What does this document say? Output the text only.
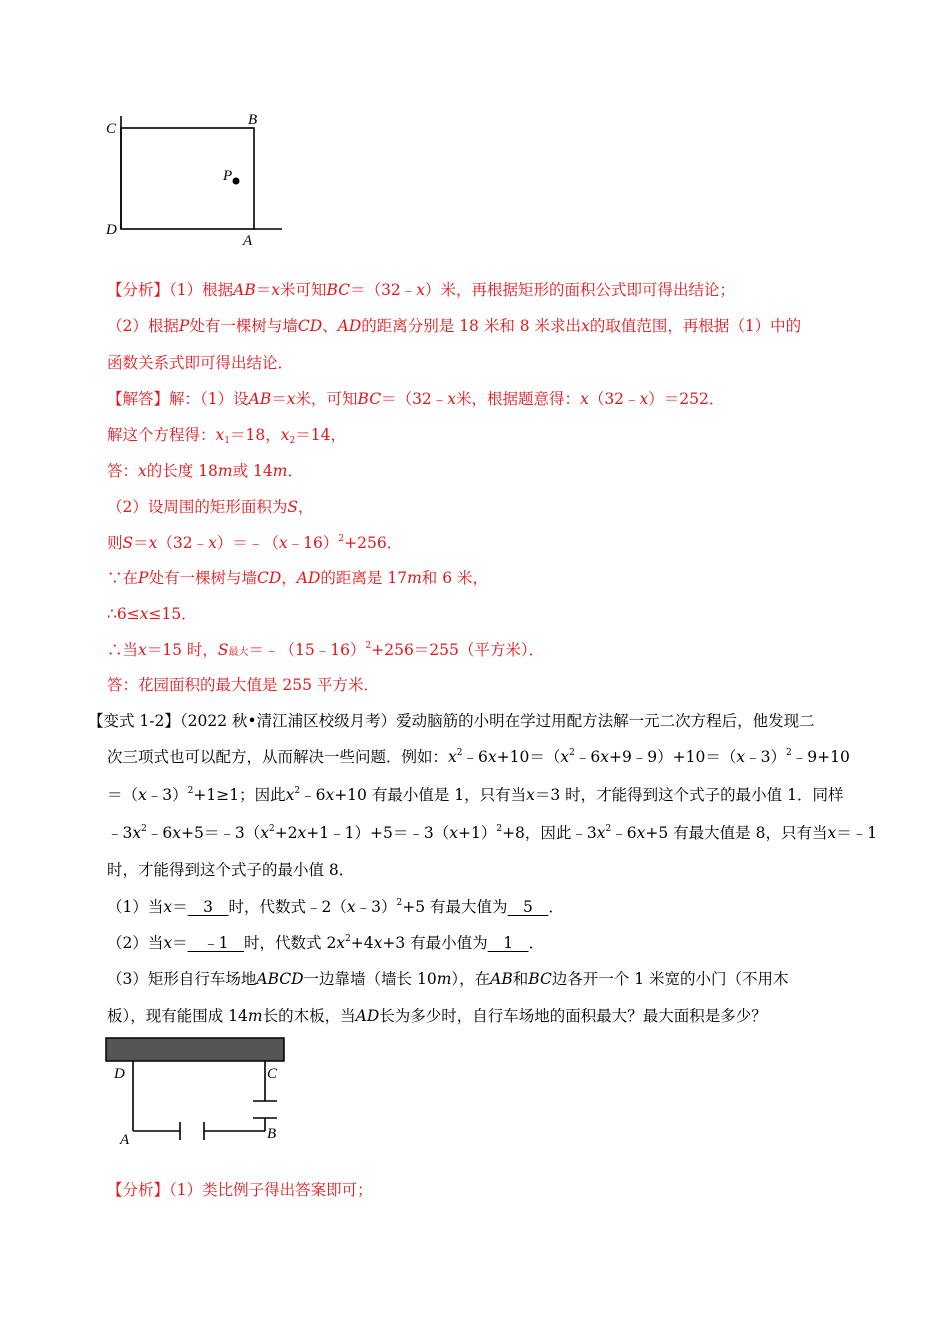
C
B
P
D
A
【分析】（1）根据AB＝x米可知BC＝（32﹣x）米，再根据矩形的面积公式即可得出结论；
（2）根据P处有一棵树与墙CD、AD的距离分别是 18 米和 8 米求出x的取值范围，再根据（1）中的
函数关系式即可得出结论．
【解答】解：（1）设AB＝x米，可知BC＝（32﹣x米，根据题意得：x（32﹣x）＝252．
解这个方程得：$x_1=18$，$x_2=14$，
答：x的长度 18m或 14m．
（2）设周围的矩形面积为S，
则S＝x（32﹣x）＝﹣（x﹣16）$^2$+256．
∵在P处有一棵树与墙CD，AD的距离是 17m和 6 米，
∴6≤x≤15．
∴当x＝15 时，S最大＝﹣（15﹣16）$^2$+256＝255（平方米）．
答：花园面积的最大值是 255 平方米．
【变式 1-2】（2022 秋•清江浦区校级月考）爱动脑筋的小明在学过用配方法解一元二次方程后，他发现二
次三项式也可以配方，从而解决一些问题．例如：$x^2﹣6x+10=(x^2﹣6x+9﹣9)+10=(x﹣3)^2﹣9+10$
＝（x﹣3）$^2$+1≥1；因此$x^2﹣6x+10$ 有最小值是 1，只有当x＝3 时，才能得到这个式子的最小值 1．同样
$﹣3x^2﹣6x+5=﹣3(x^2+2x+1﹣1)+5=﹣3(x+1)^2+8$，因此$﹣3x^2﹣6x+5$ 有最大值是 8，只有当x＝﹣1
时，才能得到这个式子的最小值 8．
（1）当x＝　3　时，代数式﹣2（x﹣3）$^2$+5 有最大值为　5　．
（2）当x＝　﹣1　时，代数式 $2x^2+4x+3$ 有最小值为　1　．
（3）矩形自行车场地ABCD一边靠墙（墙长 10m），在AB和BC边各开一个 1 米宽的小门（不用木
板），现有能围成 14m长的木板，当AD长为多少时，自行车场地的面积最大？最大面积是多少？
D	C
A	B
【分析】（1）类比例子得出答案即可；
